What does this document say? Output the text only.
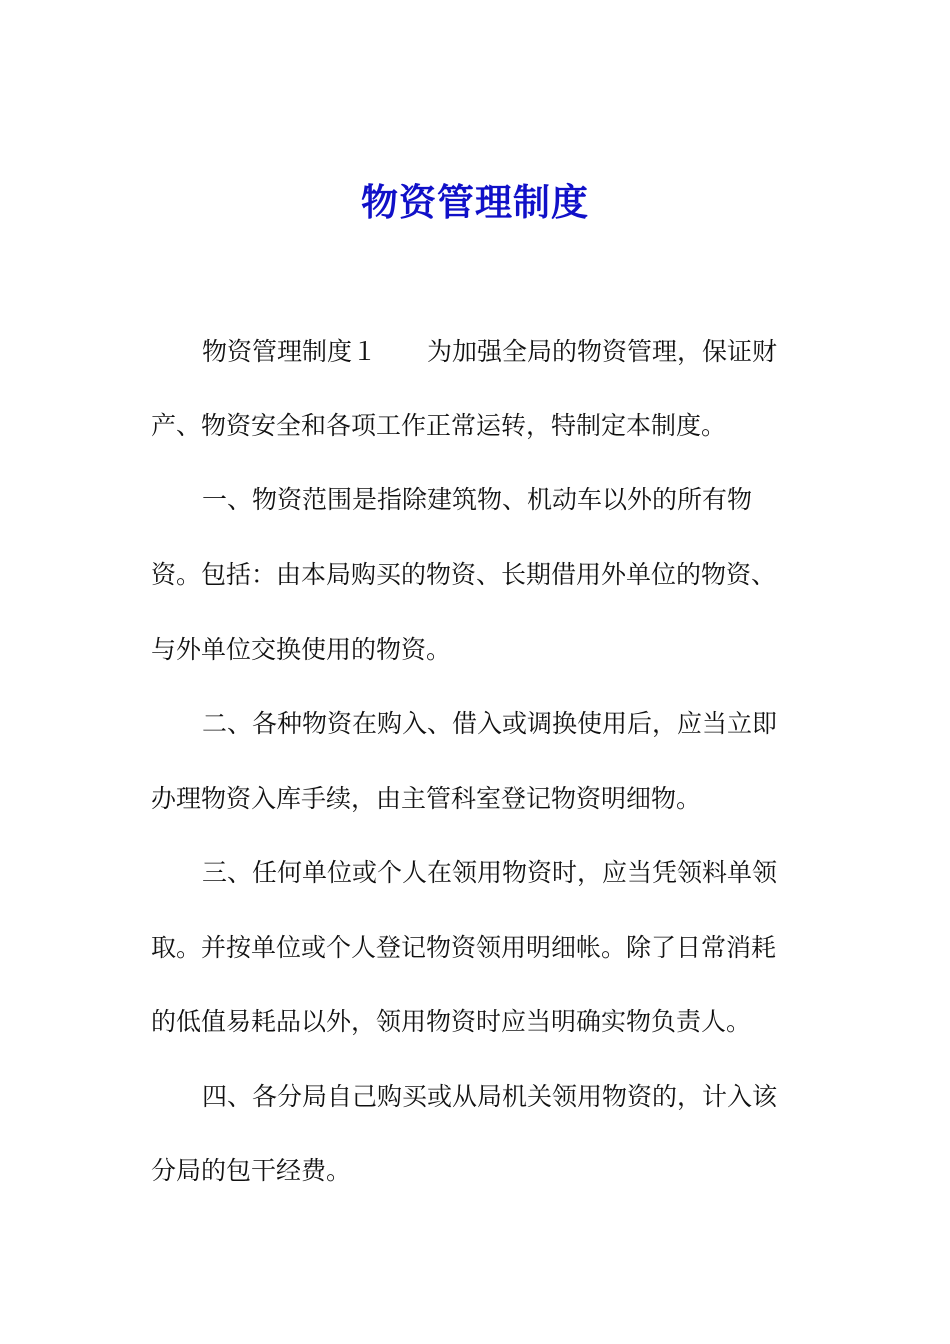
物资管理制度

物资管理制度１ 为加强全局的物资管理，保证财

产、物资安全和各项工作正常运转，特制定本制度。

一、物资范围是指除建筑物、机动车以外的所有物

资。包括：由本局购买的物资、长期借用外单位的物资、

与外单位交换使用的物资。

二、各种物资在购入、借入或调换使用后，应当立即

办理物资入库手续，由主管科室登记物资明细物。

三、任何单位或个人在领用物资时，应当凭领料单领

取。并按单位或个人登记物资领用明细帐。除了日常消耗

的低值易耗品以外，领用物资时应当明确实物负责人。

四、各分局自己购买或从局机关领用物资的，计入该

分局的包干经费。
